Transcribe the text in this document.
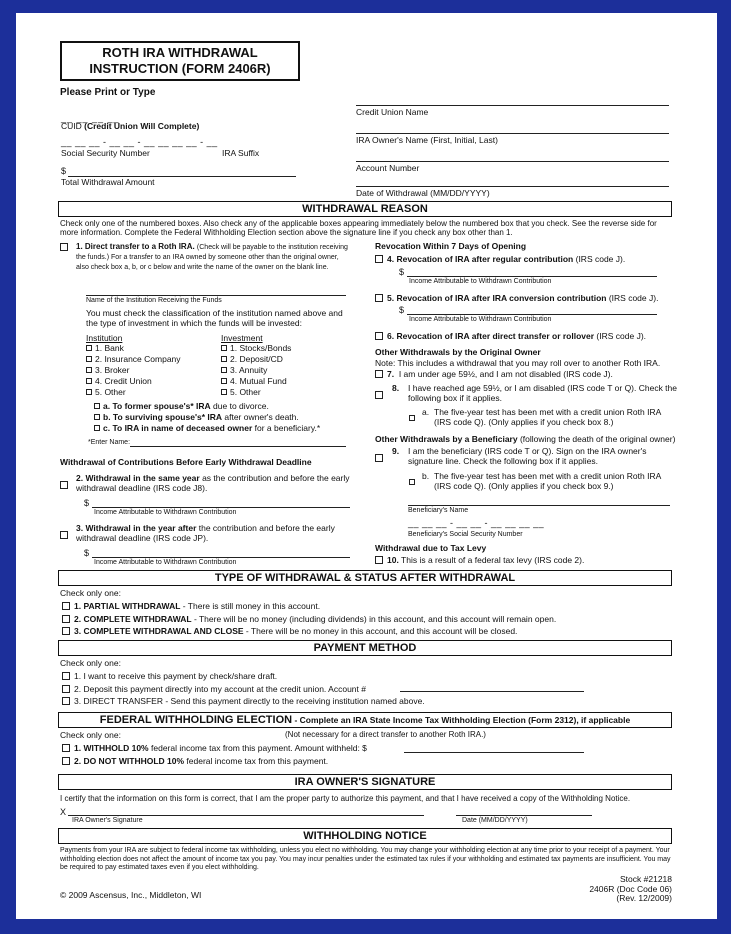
ROTH IRA WITHDRAWAL
INSTRUCTION (FORM 2406R)
Please Print or Type
__ __ __ __
CUID (Credit Union Will Complete)
__ __ __ - __ __ - __ __ __ __ - __
Social Security Number	IRA Suffix
$
Total Withdrawal Amount
Credit Union Name
IRA Owner's Name (First, Initial, Last)
Account Number
Date of Withdrawal (MM/DD/YYYY)
WITHDRAWAL REASON
Check only one of the numbered boxes. Also check any of the applicable boxes appearing immediately below the numbered box that you check. See the reverse side for more information. Complete the Federal Withholding Election section above the signature line if you check any box other than 1.
1. Direct transfer to a Roth IRA. (Check will be payable to the institution receiving the funds.) For a transfer to an IRA owned by someone other than the original owner, also check box a, b, or c below and write the name of the owner on the blank line.
Name of the Institution Receiving the Funds
You must check the classification of the institution named above and the type of investment in which the funds will be invested:
Institution
1. Bank
2. Insurance Company
3. Broker
4. Credit Union
5. Other
Investment
1. Stocks/Bonds
2. Deposit/CD
3. Annuity
4. Mutual Fund
5. Other
a. To former spouse's* IRA due to divorce.
b. To surviving spouse's* IRA after owner's death.
c. To IRA in name of deceased owner for a beneficiary.*
*Enter Name:
Withdrawal of Contributions Before Early Withdrawal Deadline
2. Withdrawal in the same year as the contribution and before the early withdrawal deadline (IRS code J8).
$
Income Attributable to Withdrawn Contribution
3. Withdrawal in the year after the contribution and before the early withdrawal deadline (IRS code JP).
$
Income Attributable to Withdrawn Contribution
Revocation Within 7 Days of Opening
4. Revocation of IRA after regular contribution (IRS code J).
$
Income Attributable to Withdrawn Contribution
5. Revocation of IRA after IRA conversion contribution (IRS code J).
$
Income Attributable to Withdrawn Contribution
6. Revocation of IRA after direct transfer or rollover (IRS code J).
Other Withdrawals by the Original Owner
Note: This includes a withdrawal that you may roll over to another Roth IRA.
7. I am under age 59½, and I am not disabled (IRS code J).
8. I have reached age 59½, or I am disabled (IRS code T or Q). Check the following box if it applies.
a. The five-year test has been met with a credit union Roth IRA (IRS code Q). (Only applies if you check box 8.)
Other Withdrawals by a Beneficiary (following the death of the original owner)
9. I am the beneficiary (IRS code T or Q). Sign on the IRA owner's signature line. Check the following box if it applies.
b. The five-year test has been met with a credit union Roth IRA (IRS code Q). (Only applies if you check box 9.)
Beneficiary's Name
__ __ __ - __ __ - __ __ __ __
Beneficiary's Social Security Number
Withdrawal due to Tax Levy
10. This is a result of a federal tax levy (IRS code 2).
TYPE OF WITHDRAWAL & STATUS AFTER WITHDRAWAL
Check only one:
1. PARTIAL WITHDRAWAL - There is still money in this account.
2. COMPLETE WITHDRAWAL - There will be no money (including dividends) in this account, and this account will remain open.
3. COMPLETE WITHDRAWAL AND CLOSE - There will be no money in this account, and this account will be closed.
PAYMENT METHOD
Check only one:
1. I want to receive this payment by check/share draft.
2. Deposit this payment directly into my account at the credit union. Account #
3. DIRECT TRANSFER - Send this payment directly to the receiving institution named above.
FEDERAL WITHHOLDING ELECTION - Complete an IRA State Income Tax Withholding Election (Form 2312), if applicable
Check only one:	(Not necessary for a direct transfer to another Roth IRA.)
1. WITHHOLD 10% federal income tax from this payment. Amount withheld: $
2. DO NOT WITHHOLD 10% federal income tax from this payment.
IRA OWNER'S SIGNATURE
I certify that the information on this form is correct, that I am the proper party to authorize this payment, and that I have received a copy of the Withholding Notice.
X
IRA Owner's Signature	Date (MM/DD/YYYY)
WITHHOLDING NOTICE
Payments from your IRA are subject to federal income tax withholding, unless you elect no withholding. You may change your withholding election at any time prior to your receipt of a payment. Your withholding election does not affect the amount of income tax you pay. You may incur penalties under the estimated tax rules if your withholding and estimated tax payments are insufficient. You may be required to pay estimated taxes even if you elect withholding.
© 2009 Ascensus, Inc., Middleton, WI
Stock #21218
2406R (Doc Code 06)
(Rev. 12/2009)
